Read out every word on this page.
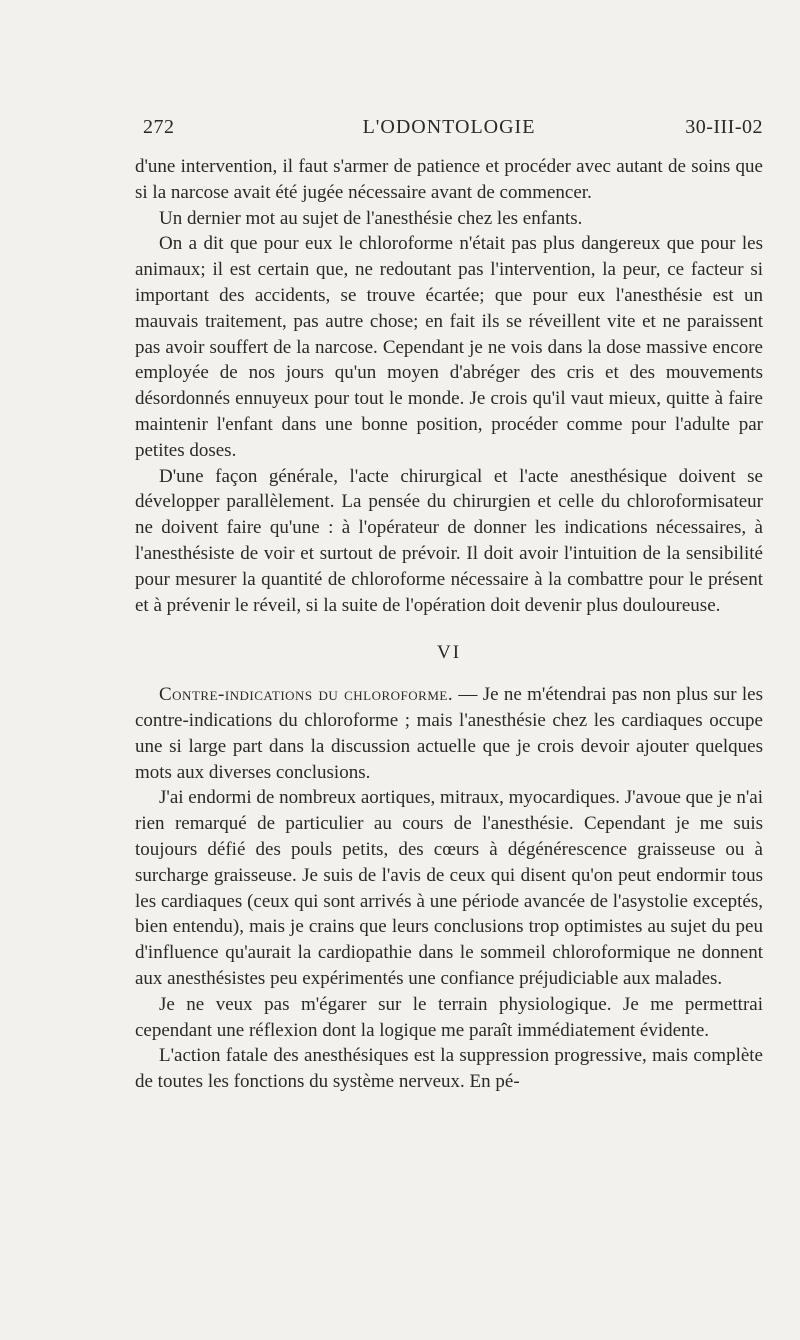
272	L'ODONTOLOGIE	30-III-02

d'une intervention, il faut s'armer de patience et procéder avec autant de soins que si la narcose avait été jugée nécessaire avant de commencer.

Un dernier mot au sujet de l'anesthésie chez les enfants.

On a dit que pour eux le chloroforme n'était pas plus dangereux que pour les animaux; il est certain que, ne redoutant pas l'intervention, la peur, ce facteur si important des accidents, se trouve écartée; que pour eux l'anesthésie est un mauvais traitement, pas autre chose; en fait ils se réveillent vite et ne paraissent pas avoir souffert de la narcose. Cependant je ne vois dans la dose massive encore employée de nos jours qu'un moyen d'abréger des cris et des mouvements désordonnés ennuyeux pour tout le monde. Je crois qu'il vaut mieux, quitte à faire maintenir l'enfant dans une bonne position, procéder comme pour l'adulte par petites doses.

D'une façon générale, l'acte chirurgical et l'acte anesthésique doivent se développer parallèlement. La pensée du chirurgien et celle du chloroformisateur ne doivent faire qu'une : à l'opérateur de donner les indications nécessaires, à l'anesthésiste de voir et surtout de prévoir. Il doit avoir l'intuition de la sensibilité pour mesurer la quantité de chloroforme nécessaire à la combattre pour le présent et à prévenir le réveil, si la suite de l'opération doit devenir plus douloureuse.

VI

Contre-indications du chloroforme. — Je ne m'étendrai pas non plus sur les contre-indications du chloroforme ; mais l'anesthésie chez les cardiaques occupe une si large part dans la discussion actuelle que je crois devoir ajouter quelques mots aux diverses conclusions.

J'ai endormi de nombreux aortiques, mitraux, myocardiques. J'avoue que je n'ai rien remarqué de particulier au cours de l'anesthésie. Cependant je me suis toujours défié des pouls petits, des cœurs à dégénérescence graisseuse ou à surcharge graisseuse. Je suis de l'avis de ceux qui disent qu'on peut endormir tous les cardiaques (ceux qui sont arrivés à une période avancée de l'asystolie exceptés, bien entendu), mais je crains que leurs conclusions trop optimistes au sujet du peu d'influence qu'aurait la cardiopathie dans le sommeil chloroformique ne donnent aux anesthésistes peu expérimentés une confiance préjudiciable aux malades.

Je ne veux pas m'égarer sur le terrain physiologique. Je me permettrai cependant une réflexion dont la logique me paraît immédiatement évidente.

L'action fatale des anesthésiques est la suppression progressive, mais complète de toutes les fonctions du système nerveux. En pé-
